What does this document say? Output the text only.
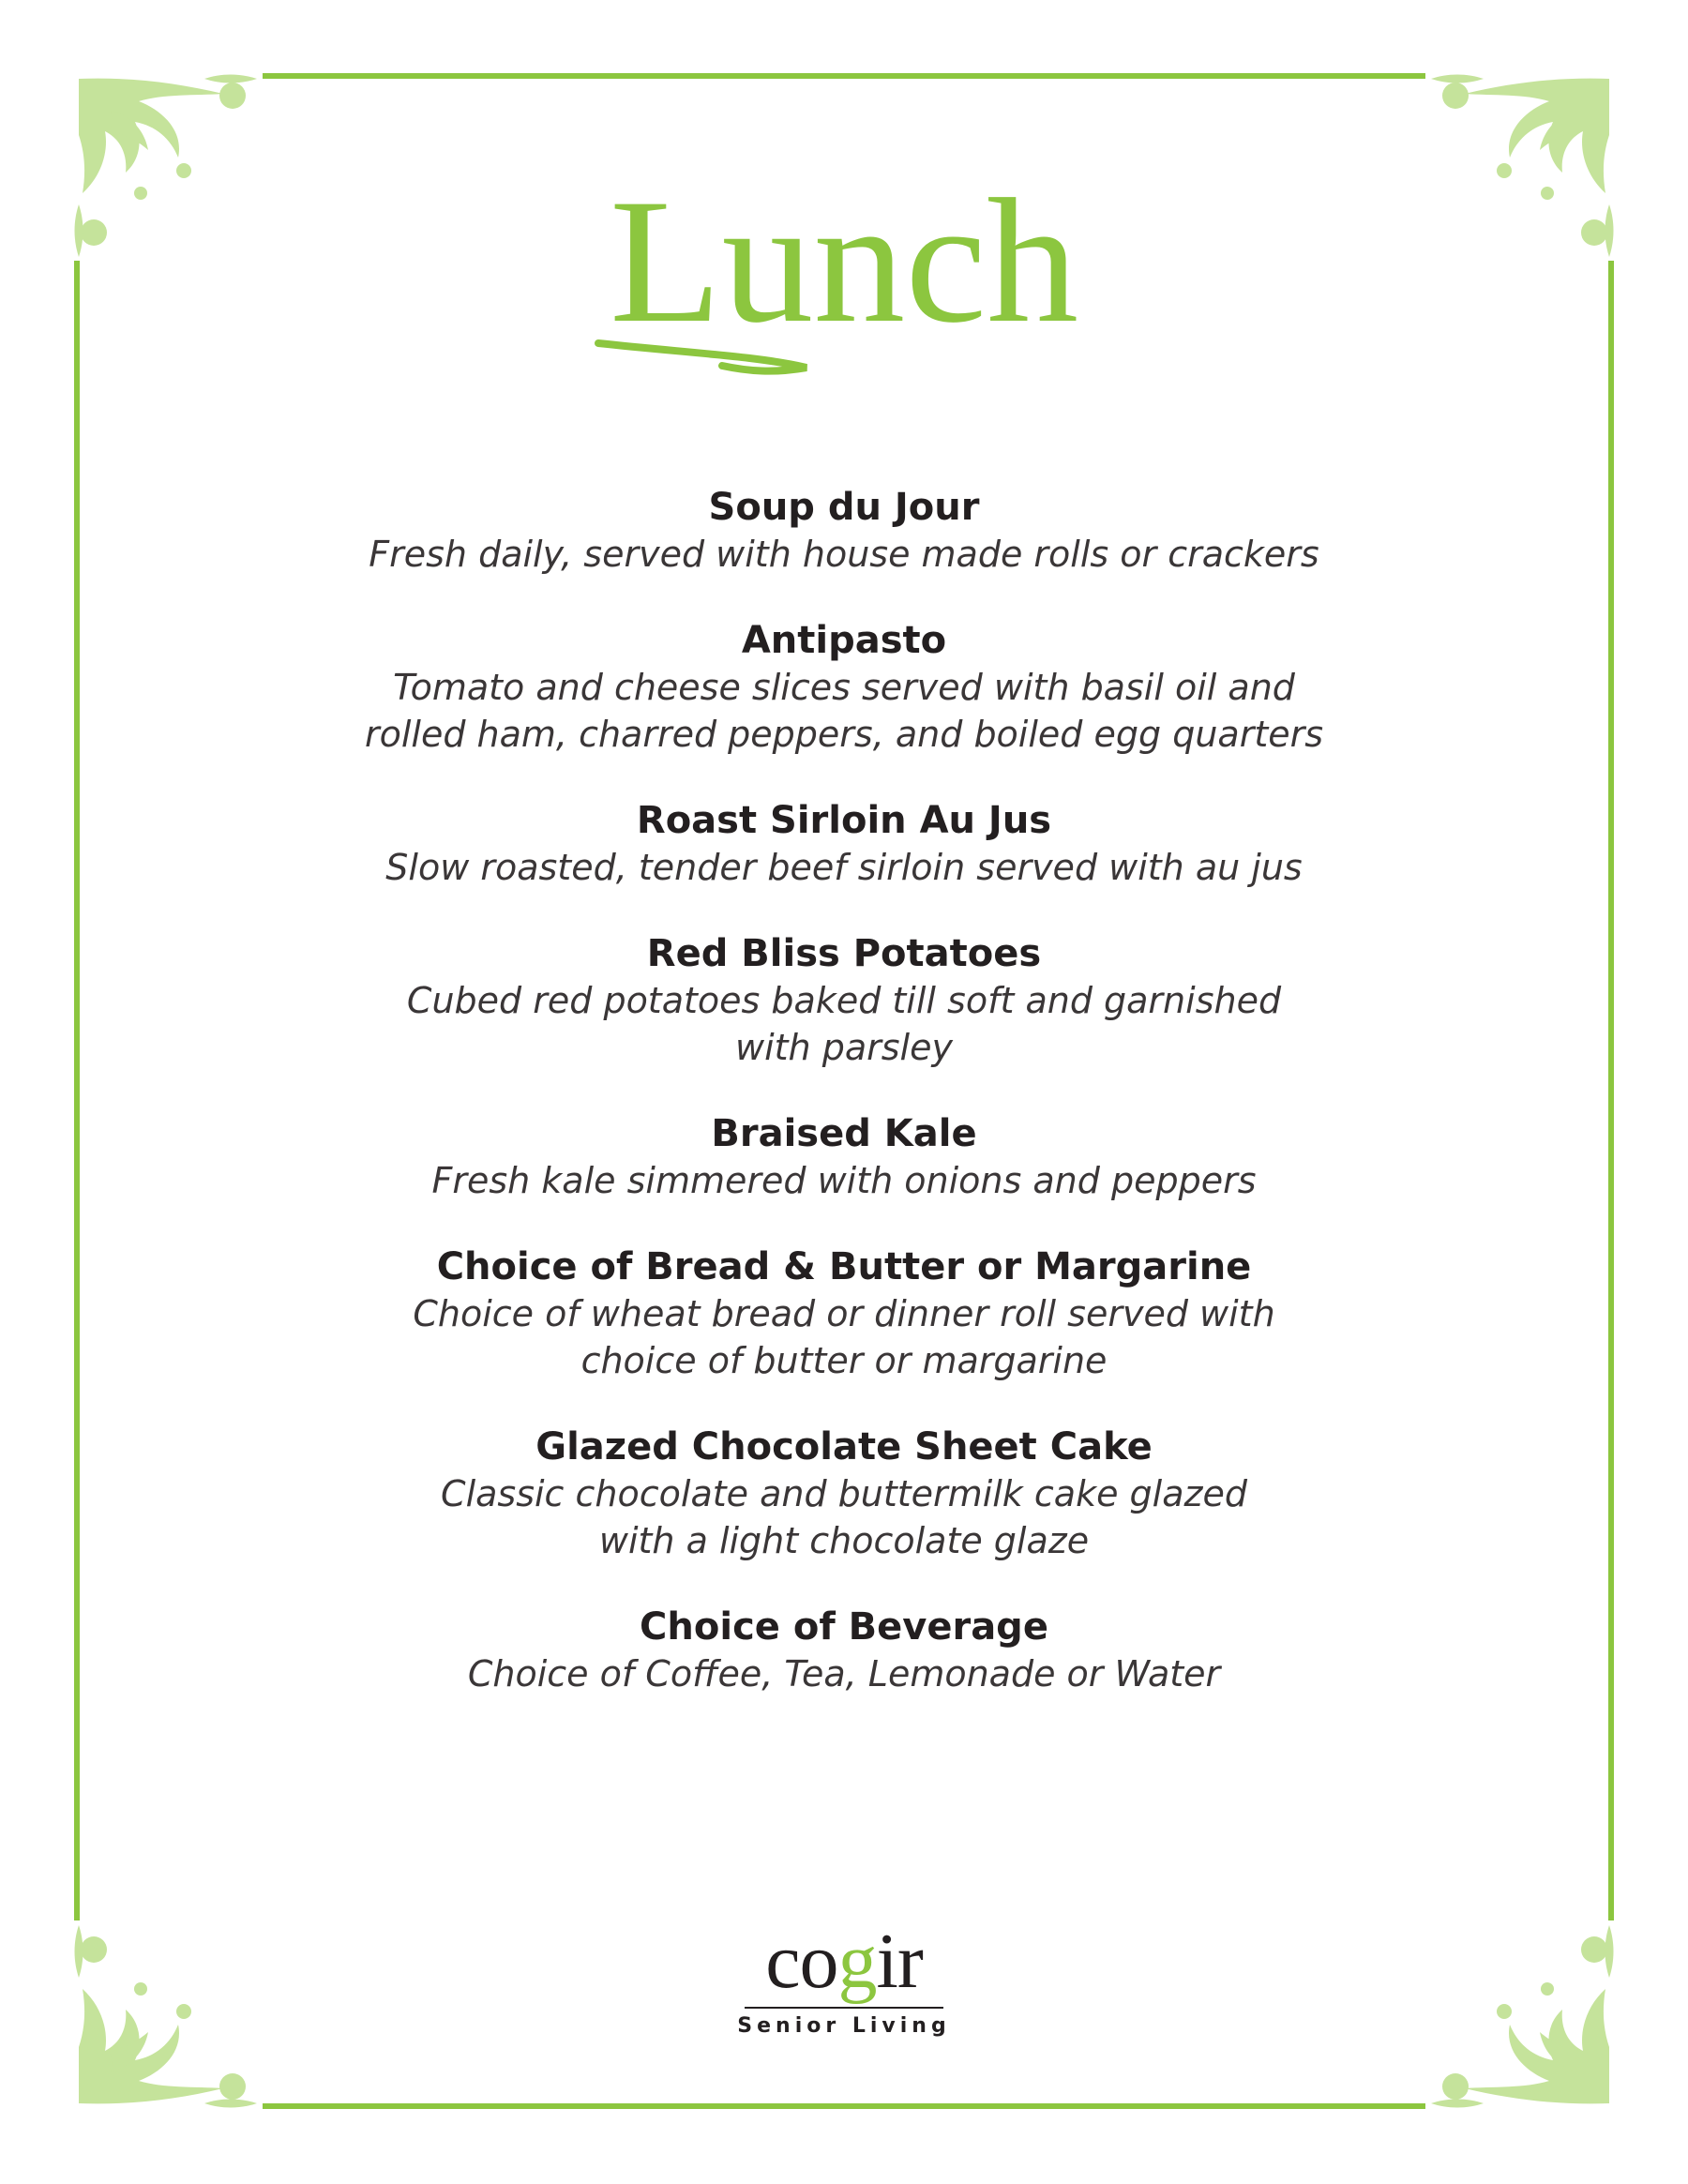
Lunch

Soup du Jour

Fresh daily, served with house made rolls or crackers

Antipasto

Tomato and cheese slices served with basil oil and
rolled ham, charred peppers, and boiled egg quarters

Roast Sirloin Au Jus

Slow roasted, tender beef sirloin served with au jus

Red Bliss Potatoes

Cubed red potatoes baked till soft and garnished
with parsley

Braised Kale

Fresh kale simmered with onions and peppers

Choice of Bread & Butter or Margarine

Choice of wheat bread or dinner roll served with
choice of butter or margarine

Glazed Chocolate Sheet Cake

Classic chocolate and buttermilk cake glazed
with a light chocolate glaze

Choice of Beverage

Choice of Coffee, Tea, Lemonade or Water

cogir
Senior Living
